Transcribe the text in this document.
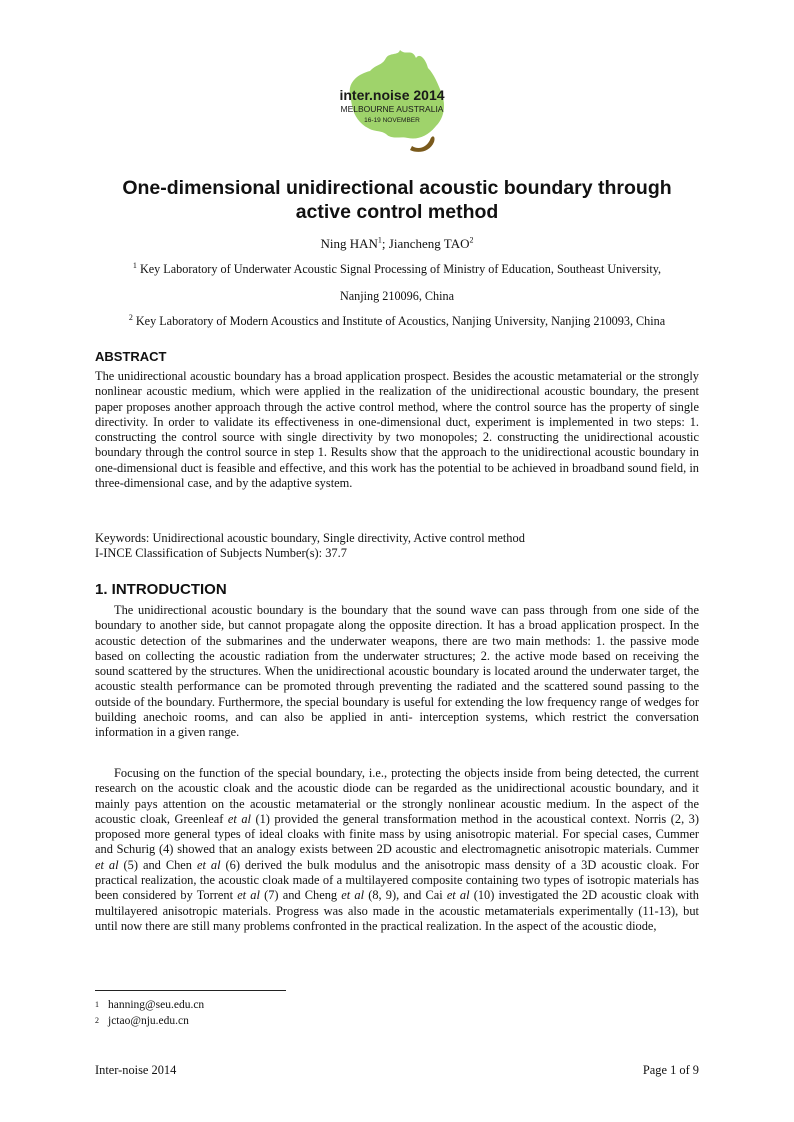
inter.noise 2014
MELBOURNE AUSTRALIA
16-19 NOVEMBER
One-dimensional unidirectional acoustic boundary through
active control method
Ning HAN$^1$; Jiancheng TAO$^2$
$^1$ Key Laboratory of Underwater Acoustic Signal Processing of Ministry of Education, Southeast University,
Nanjing 210096, China
$^2$ Key Laboratory of Modern Acoustics and Institute of Acoustics, Nanjing University, Nanjing 210093, China
ABSTRACT

The unidirectional acoustic boundary has a broad application prospect. Besides the acoustic metamaterial or the strongly nonlinear acoustic medium, which were applied in the realization of the unidirectional acoustic boundary, the present paper proposes another approach through the active control method, where the control source has the property of single directivity. In order to validate its effectiveness in one-dimensional duct, experiment is implemented in two steps: 1. constructing the control source with single directivity by two monopoles; 2. constructing the unidirectional acoustic boundary through the control source in step 1. Results show that the approach to the unidirectional acoustic boundary in one-dimensional duct is feasible and effective, and this work has the potential to be achieved in broadband sound field, in three-dimensional case, and by the adaptive system.

Keywords: Unidirectional acoustic boundary, Single directivity, Active control method

I-INCE Classification of Subjects Number(s): 37.7

1. INTRODUCTION

The unidirectional acoustic boundary is the boundary that the sound wave can pass through from one side of the boundary to another side, but cannot propagate along the opposite direction. It has a broad application prospect. In the acoustic detection of the submarines and the underwater weapons, there are two main methods: 1. the passive mode based on collecting the acoustic radiation from the underwater structures; 2. the active mode based on receiving the sound scattered by the structures. When the unidirectional acoustic boundary is located around the underwater target, the acoustic stealth performance can be promoted through preventing the radiated and the scattered sound passing to the outside of the boundary. Furthermore, the special boundary is useful for extending the low frequency range of wedges for building anechoic rooms, and can also be applied in anti- interception systems, which restrict the conversation information in a given range.

Focusing on the function of the special boundary, i.e., protecting the objects inside from being detected, the current research on the acoustic cloak and the acoustic diode can be regarded as the unidirectional acoustic boundary, and it mainly pays attention on the acoustic metamaterial or the strongly nonlinear acoustic medium. In the aspect of the acoustic cloak, Greenleaf et al (1) provided the general transformation method in the acoustical context. Norris (2, 3) proposed more general types of ideal cloaks with finite mass by using anisotropic material. For special cases, Cummer and Schurig (4) showed that an analogy exists between 2D acoustic and electromagnetic anisotropic materials. Cummer et al (5) and Chen et al (6) derived the bulk modulus and the anisotropic mass density of a 3D acoustic cloak. For practical realization, the acoustic cloak made of a multilayered composite containing two types of isotropic materials has been considered by Torrent et al (7) and Cheng et al (8, 9), and Cai et al (10) investigated the 2D acoustic cloak with multilayered anisotropic materials. Progress was also made in the acoustic metamaterials experimentally (11-13), but until now there are still many problems confronted in the practical realization. In the aspect of the acoustic diode,

1 hanning@seu.edu.cn
2 jctao@nju.edu.cn
Inter-noise 2014	Page 1 of 9
